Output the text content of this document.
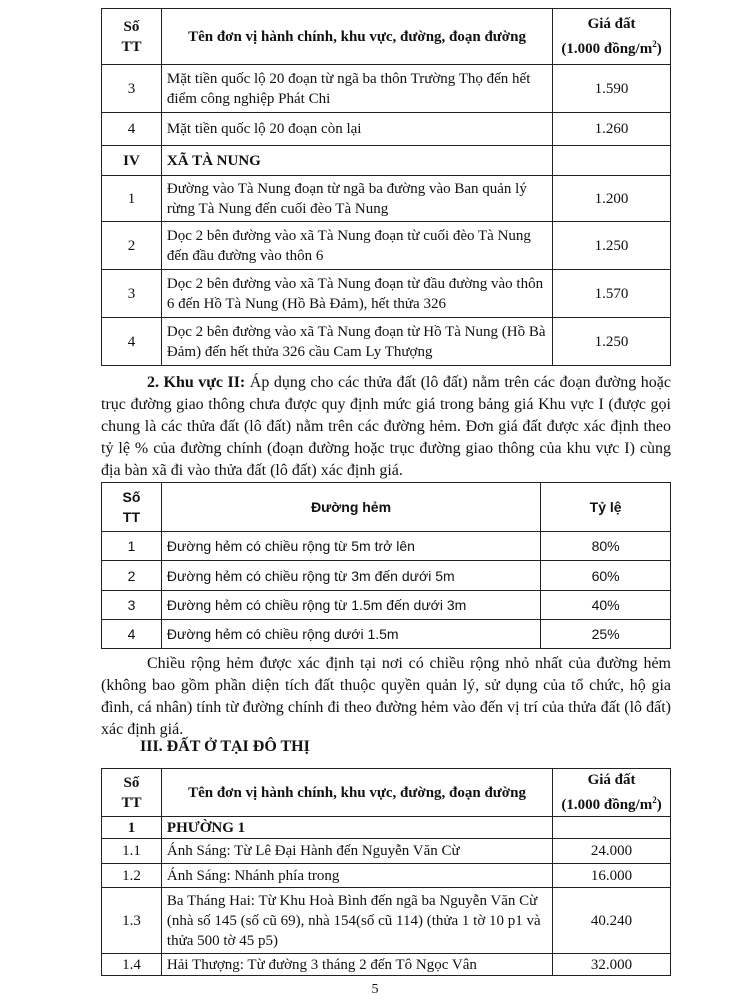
Số
TT	Tên đơn vị hành chính, khu vực, đường, đoạn đường	Giá đất
(1.000 đồng/$m^2$)
3	Mặt tiền quốc lộ 20 đoạn từ ngã ba thôn Trường Thọ đến hết điểm công nghiệp Phát Chi	1.590
4	Mặt tiền quốc lộ 20 đoạn còn lại	1.260
IV	XÃ TÀ NUNG	
1	Đường vào Tà Nung đoạn từ ngã ba đường vào Ban quản lý rừng Tà Nung đến cuối đèo Tà Nung	1.200
2	Dọc 2 bên đường vào xã Tà Nung đoạn từ cuối đèo Tà Nung đến đầu đường vào thôn 6	1.250
3	Dọc 2 bên đường vào xã Tà Nung đoạn từ đầu đường vào thôn 6 đến Hồ Tà Nung (Hồ Bà Đảm), hết thửa 326	1.570
4	Dọc 2 bên đường vào xã Tà Nung đoạn từ Hồ Tà Nung (Hồ Bà Đảm) đến hết thửa 326 cầu Cam Ly Thượng	1.250

2. Khu vực II: Áp dụng cho các thửa đất (lô đất) nằm trên các đoạn đường hoặc trục đường giao thông chưa được quy định mức giá trong bảng giá Khu vực I (được gọi chung là các thửa đất (lô đất) nằm trên các đường hẻm. Đơn giá đất được xác định theo tỷ lệ % của đường chính (đoạn đường hoặc trục đường giao thông của khu vực I) cùng địa bàn xã đi vào thửa đất (lô đất) xác định giá.

Số
TT	Đường hẻm	Tỷ lệ
1	Đường hẻm có chiều rộng từ 5m trở lên	80%
2	Đường hẻm có chiều rộng từ 3m đến dưới 5m	60%
3	Đường hẻm có chiều rộng từ 1.5m đến dưới 3m	40%
4	Đường hẻm có chiều rộng dưới 1.5m	25%

Chiều rộng hẻm được xác định tại nơi có chiều rộng nhỏ nhất của đường hẻm (không bao gồm phần diện tích đất thuộc quyền quản lý, sử dụng của tổ chức, hộ gia đình, cá nhân) tính từ đường chính đi theo đường hẻm vào đến vị trí của thửa đất (lô đất) xác định giá.

III. ĐẤT Ở TẠI ĐÔ THỊ

Số
TT	Tên đơn vị hành chính, khu vực, đường, đoạn đường	Giá đất
(1.000 đồng/$m^2$)
1	PHƯỜNG 1	
1.1	Ánh Sáng: Từ Lê Đại Hành đến Nguyễn Văn Cừ	24.000
1.2	Ánh Sáng: Nhánh phía trong	16.000
1.3	Ba Tháng Hai: Từ Khu Hoà Bình đến ngã ba Nguyễn Văn Cừ (nhà số 145 (số cũ 69), nhà 154(số cũ 114) (thửa 1 tờ 10 p1 và thửa 500 tờ 45 p5)	40.240
1.4	Hải Thượng: Từ đường 3 tháng 2 đến Tô Ngọc Vân	32.000
5
